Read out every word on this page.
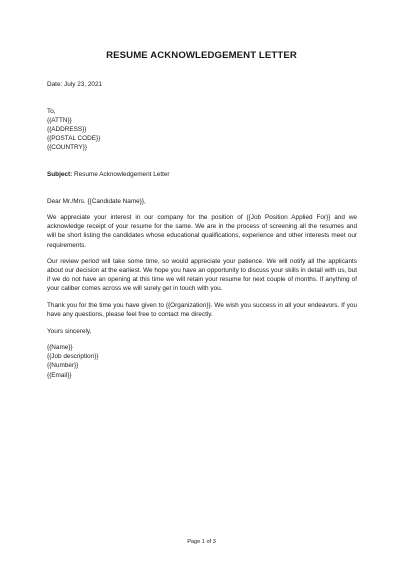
RESUME ACKNOWLEDGEMENT LETTER
Date: July 23, 2021
To,
{{ATTN}}
{{ADDRESS}}
{{POSTAL CODE}}
{{COUNTRY}}
Subject: Resume Acknowledgement Letter
Dear Mr./Mrs. {{Candidate Name}},
We appreciate your interest in our company for the position of {{Job Position Applied For}} and we acknowledge receipt of your resume for the same. We are in the process of screening all the resumes and will be short listing the candidates whose educational qualifications, experience and other interests meet our requirements.
Our review period will take some time, so would appreciate your patience. We will notify all the applicants about our decision at the earliest. We hope you have an opportunity to discuss your skills in detail with us, but if we do not have an opening at this time we will retain your resume for next couple of months. If anything of your caliber comes across we will surely get in touch with you.
Thank you for the time you have given to {{Organization}}. We wish you success in all your endeavors. If you have any questions, please feel free to contact me directly.
Yours sincerely,
{{Name}}
{{Job description}}
{{Number}}
{{Email}}
Page 1 of 3
